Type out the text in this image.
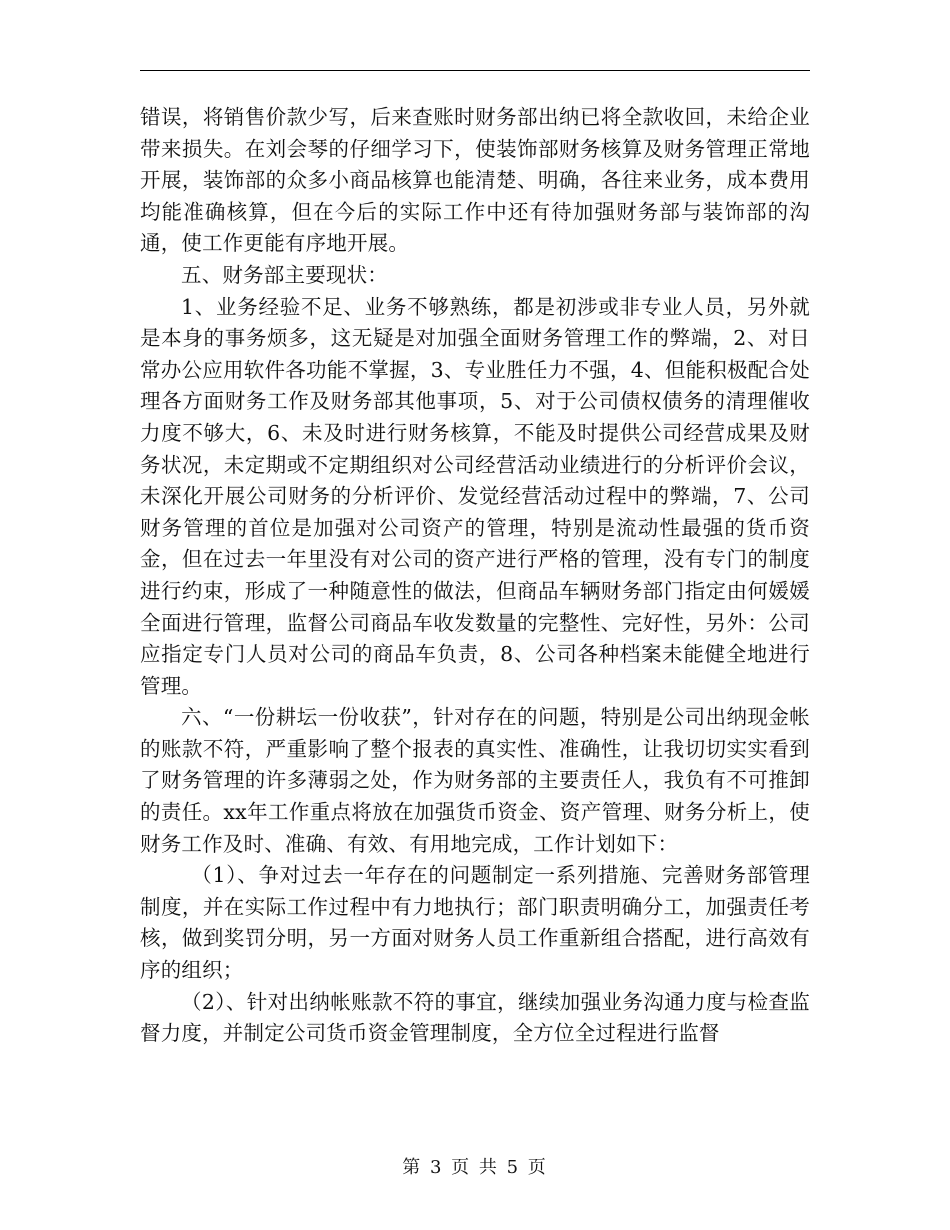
错误，将销售价款少写，后来查账时财务部出纳已将全款收回，未给企业带来损失。在刘会琴的仔细学习下，使装饰部财务核算及财务管理正常地开展，装饰部的众多小商品核算也能清楚、明确，各往来业务，成本费用均能准确核算，但在今后的实际工作中还有待加强财务部与装饰部的沟通，使工作更能有序地开展。

五、财务部主要现状：

1、业务经验不足、业务不够熟练，都是初涉或非专业人员，另外就是本身的事务烦多，这无疑是对加强全面财务管理工作的弊端，2、对日常办公应用软件各功能不掌握，3、专业胜任力不强，4、但能积极配合处理各方面财务工作及财务部其他事项，5、对于公司债权债务的清理催收力度不够大，6、未及时进行财务核算，不能及时提供公司经营成果及财务状况，未定期或不定期组织对公司经营活动业绩进行的分析评价会议，未深化开展公司财务的分析评价、发觉经营活动过程中的弊端，7、公司财务管理的首位是加强对公司资产的管理，特别是流动性最强的货币资金，但在过去一年里没有对公司的资产进行严格的管理，没有专门的制度进行约束，形成了一种随意性的做法，但商品车辆财务部门指定由何媛媛全面进行管理，监督公司商品车收发数量的完整性、完好性，另外：公司应指定专门人员对公司的商品车负责，8、公司各种档案未能健全地进行管理。

六、“一份耕坛一份收获”，针对存在的问题，特别是公司出纳现金帐的账款不符，严重影响了整个报表的真实性、准确性，让我切切实实看到了财务管理的许多薄弱之处，作为财务部的主要责任人，我负有不可推卸的责任。xx年工作重点将放在加强货币资金、资产管理、财务分析上，使财务工作及时、准确、有效、有用地完成，工作计划如下：

（1）、争对过去一年存在的问题制定一系列措施、完善财务部管理制度，并在实际工作过程中有力地执行；部门职责明确分工，加强责任考核，做到奖罚分明，另一方面对财务人员工作重新组合搭配，进行高效有序的组织；

（2）、针对出纳帐账款不符的事宜，继续加强业务沟通力度与检查监督力度，并制定公司货币资金管理制度，全方位全过程进行监督

第 3 页 共 5 页
